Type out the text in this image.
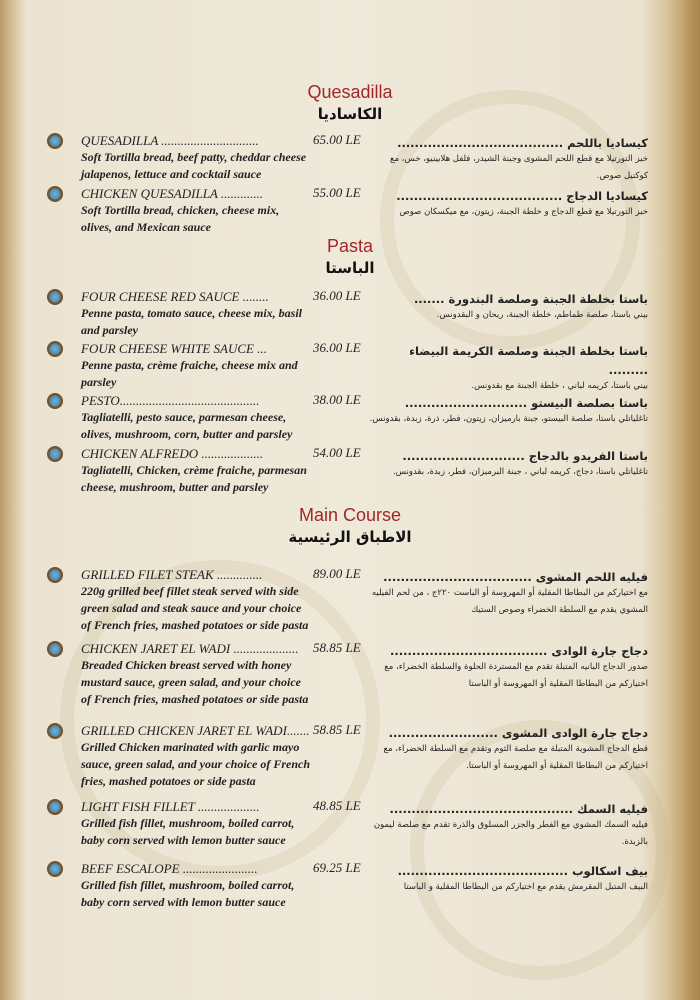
Quesadilla
الكاساديا
QUESADILLA ..............................
Soft Tortilla bread, beef patty, cheddar cheese jalapenos, lettuce and cocktail sauce
65.00 LE	كيساديا باللحم ......................................
خبز التورتيلا مع قطع اللحم المشوى وجبنة الشيدر، فلفل هلابينيو، خس، مع كوكتيل صوص.
CHICKEN QUESADILLA .............
Soft Tortilla bread, chicken, cheese mix, olives, and Mexican sauce
55.00 LE	كيساديا الدجاج ......................................
خبز التورتيلا مع قطع الدجاج و خلطة الجبنة، زيتون، مع ميكسكان صوص
Pasta
الباستا
FOUR CHEESE RED SAUCE ........
Penne pasta, tomato sauce, cheese mix, basil and parsley
36.00 LE	باستا بخلطة الجبنة وصلصة البندورة .......
بيني باستا، صلصة طماطم، خلطة الجبنة، ريحان و البقدونس.
FOUR CHEESE WHITE SAUCE ...
Penne pasta, crème fraiche, cheese mix and parsley
36.00 LE	باستا بخلطة الجبنة وصلصة الكريمة البيضاء .........
بيني باستا، كريمه لباني ، خلطة الجبنة مع بقدونس.
PESTO...........................................
Tagliatelli, pesto sauce, parmesan cheese, olives, mushroom, corn, butter and parsley
38.00 LE	باستا بصلصة البيستو ............................
تاغلياتلي باستا، صلصة البيستو، جبنة بارميزان، زيتون، فطر، ذرة، زبدة، بقدونس.
CHICKEN ALFREDO ...................
Tagliatelli, Chicken, crème fraiche, parmesan cheese, mushroom, butter and parsley
54.00 LE	باستا الفريدو بالدجاج ............................
تاغلياتلي باستا، دجاج، كريمه لباني ، جبنة البرميزان، فطر، زبدة، بقدونس.
Main Course
الاطباق الرئيسية
GRILLED FILET STEAK ..............
220g grilled beef fillet steak served with side green salad and steak sauce and your choice of French fries, mashed potatoes or side pasta
89.00 LE	فيليه اللحم المشوى ..................................
مع اختياركم من البطاطا المقلية أو المهروسة أو الباست ٢٢٠ج ، من لحم الفيليه المشوي يقدم مع السلطة الخضراء وصوص الستيك
CHICKEN JARET EL WADI ....................
Breaded Chicken breast served with honey mustard sauce, green salad, and your choice of French fries, mashed potatoes or side pasta
58.85 LE	دجاج جارة الوادى ....................................
صدور الدجاج البانيه المتبلة تقدم مع المستردة الحلوة والسلطة الخضراء، مع اختياركم من البطاطا المقلية أو المهروسة أو الباستا
GRILLED CHICKEN JARET EL WADI.......
Grilled Chicken marinated with garlic mayo sauce, green salad, and your choice of French fries, mashed potatoes or side pasta
58.85 LE	دجاج جارة الوادى المشوى .........................
قطع الدجاج المشوية المتبلة مع صلصة الثوم وتقدم مع السلطة الخضراء، مع اختياركم من البطاطا المقلية أو المهروسة أو الباستا.
LIGHT FISH FILLET ...................
Grilled fish fillet, mushroom, boiled carrot, baby corn served with lemon butter sauce
48.85 LE	فيليه السمك ..........................................
فيليه السمك المشوي مع الفطر والجزر المسلوق والذرة تقدم مع صلصة ليمون بالزبدة.
BEEF ESCALOPE .......................
Grilled fish fillet, mushroom, boiled carrot, baby corn served with lemon butter sauce
69.25 LE	بيف اسكالوب .......................................
البيف المتبل المقرمش يقدم مع اختياركم من البطاطا المقلية و الباستا
